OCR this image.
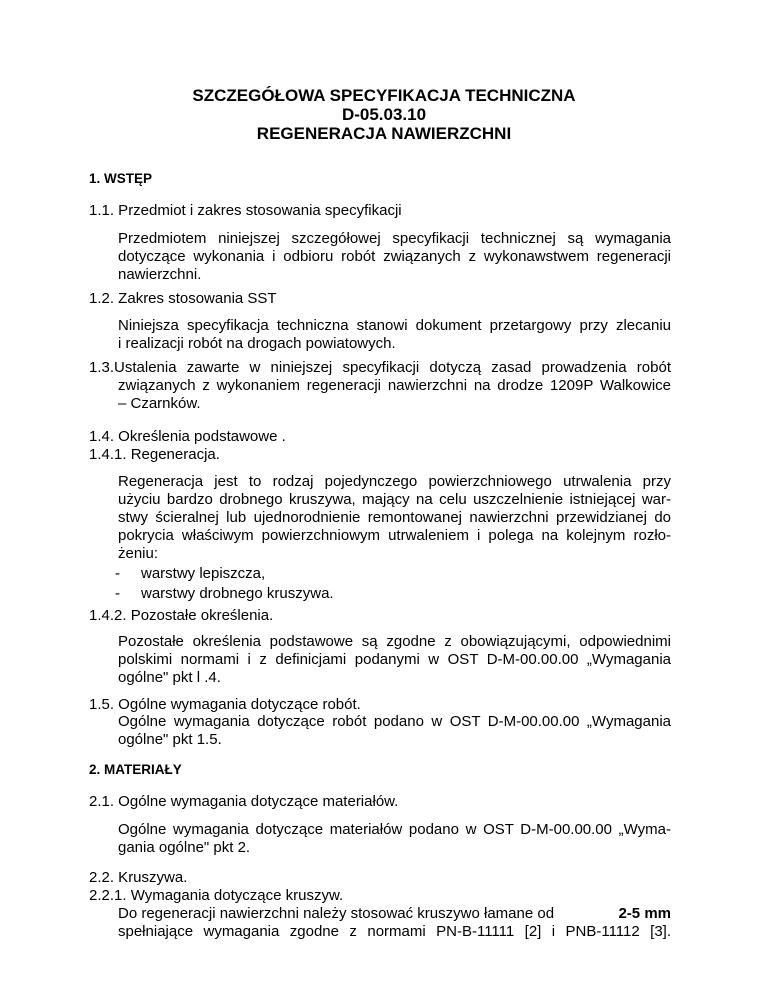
SZCZEGÓŁOWA SPECYFIKACJA TECHNICZNA
D-05.03.10
REGENERACJA NAWIERZCHNI
1. WSTĘP
1.1. Przedmiot i zakres stosowania specyfikacji
Przedmiotem niniejszej szczegółowej specyfikacji technicznej są wymagania
dotyczące wykonania i odbioru robót związanych z wykonawstwem regeneracji
nawierzchni.
1.2. Zakres stosowania SST
Niniejsza specyfikacja techniczna stanowi dokument przetargowy przy zlecaniu
i realizacji robót na drogach powiatowych.
1.3.Ustalenia zawarte w niniejszej specyfikacji dotyczą zasad prowadzenia robót
związanych z wykonaniem regeneracji nawierzchni na drodze 1209P Walkowice
– Czarnków.
1.4. Określenia podstawowe .
1.4.1. Regeneracja.
Regeneracja jest to rodzaj pojedynczego powierzchniowego utrwalenia przy
użyciu bardzo drobnego kruszywa, mający na celu uszczelnienie istniejącej war-
stwy ścieralnej lub ujednorodnienie remontowanej nawierzchni przewidzianej do
pokrycia właściwym powierzchniowym utrwaleniem i polega na kolejnym rozło-
żeniu:
- warstwy lepiszcza,
- warstwy drobnego kruszywa.
1.4.2. Pozostałe określenia.
Pozostałe określenia podstawowe są zgodne z obowiązującymi, odpowiednimi
polskimi normami i z definicjami podanymi w OST D-M-00.00.00 „Wymagania
ogólne" pkt l .4.
1.5. Ogólne wymagania dotyczące robót.
Ogólne wymagania dotyczące robót podano w OST D-M-00.00.00 „Wymagania
ogólne" pkt 1.5.
2. MATERIAŁY
2.1. Ogólne wymagania dotyczące materiałów.
Ogólne wymagania dotyczące materiałów podano w OST D-M-00.00.00 „Wyma-
gania ogólne" pkt 2.
2.2. Kruszywa.
2.2.1. Wymagania dotyczące kruszyw.
Do regeneracji nawierzchni należy stosować kruszywo łamane od	2-5 mm
spełniające wymagania zgodne z normami PN-B-11111 [2] i PNB-11112 [3].
